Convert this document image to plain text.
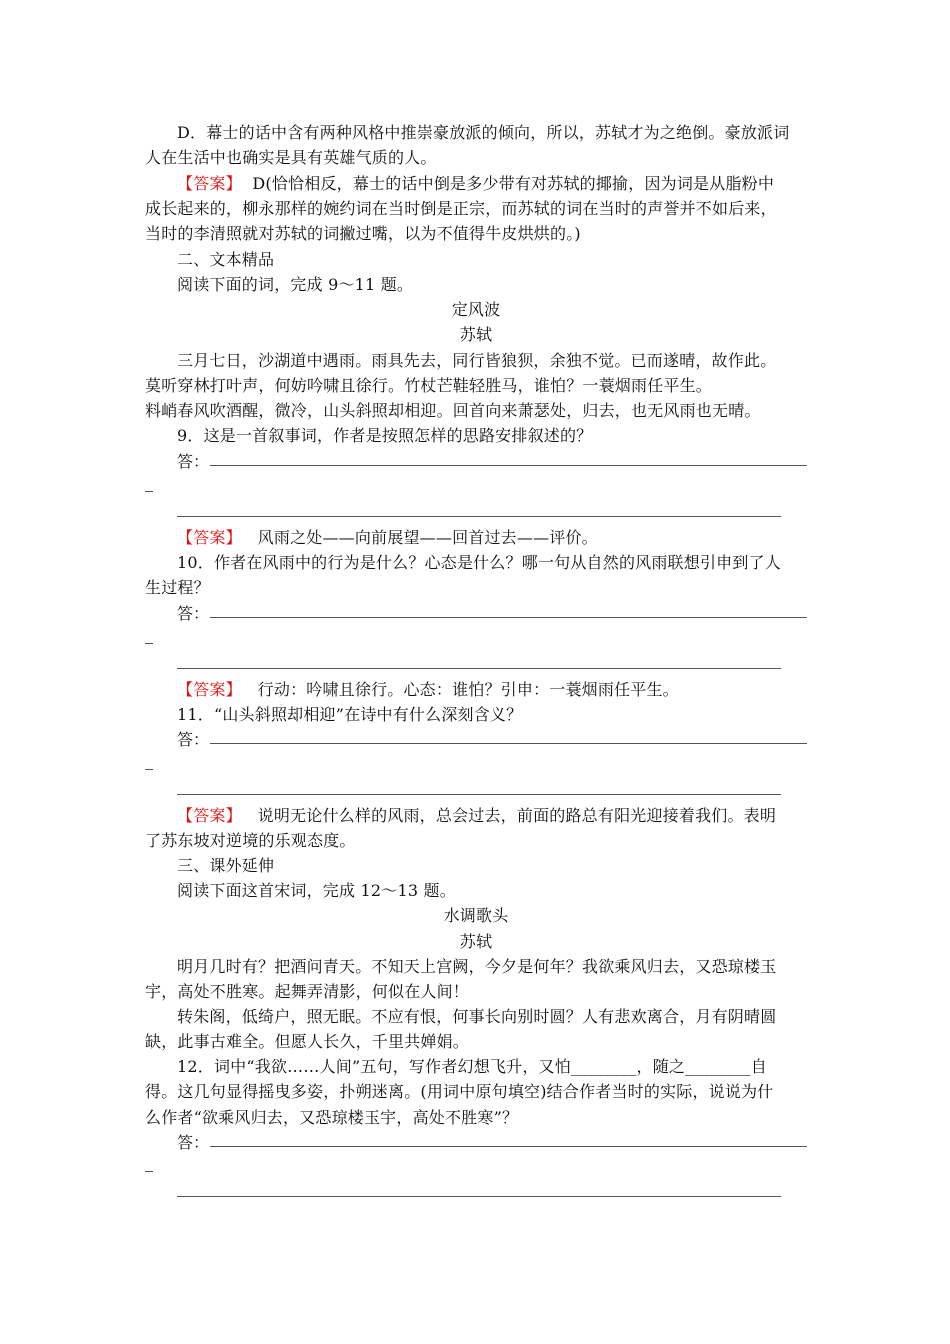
D．幕士的话中含有两种风格中推崇豪放派的倾向，所以，苏轼才为之绝倒。豪放派词
人在生活中也确实是具有英雄气质的人。
【答案】 D(恰恰相反，幕士的话中倒是多少带有对苏轼的揶揄，因为词是从脂粉中
成长起来的，柳永那样的婉约词在当时倒是正宗，而苏轼的词在当时的声誉并不如后来，
当时的李清照就对苏轼的词撇过嘴，以为不值得牛皮烘烘的。)
二、文本精品
阅读下面的词，完成 9～11 题。
定风波
苏轼
三月七日，沙湖道中遇雨。雨具先去，同行皆狼狈，余独不觉。已而遂晴，故作此。
莫听穿林打叶声，何妨吟啸且徐行。竹杖芒鞋轻胜马，谁怕？一蓑烟雨任平生。
料峭春风吹酒醒，微冷，山头斜照却相迎。回首向来萧瑟处，归去，也无风雨也无晴。
9．这是一首叙事词，作者是按照怎样的思路安排叙述的？
答：
【答案】 风雨之处——向前展望——回首过去——评价。
10．作者在风雨中的行为是什么？心态是什么？哪一句从自然的风雨联想引申到了人
生过程？
答：
【答案】 行动：吟啸且徐行。心态：谁怕？引申：一蓑烟雨任平生。
11．“山头斜照却相迎”在诗中有什么深刻含义？
答：
【答案】 说明无论什么样的风雨，总会过去，前面的路总有阳光迎接着我们。表明
了苏东坡对逆境的乐观态度。
三、课外延伸
阅读下面这首宋词，完成 12～13 题。
水调歌头
苏轼
明月几时有？把酒问青天。不知天上宫阙，今夕是何年？我欲乘风归去，又恐琼楼玉
宇，高处不胜寒。起舞弄清影，何似在人间！
转朱阁，低绮户，照无眠。不应有恨，何事长向别时圆？人有悲欢离合，月有阴晴圆
缺，此事古难全。但愿人长久，千里共婵娟。
12．词中“我欲……人间”五句，写作者幻想飞升，又怕________，随之________自
得。这几句显得摇曳多姿，扑朔迷离。(用词中原句填空)结合作者当时的实际，说说为什
么作者“欲乘风归去，又恐琼楼玉宇，高处不胜寒”？
答：
